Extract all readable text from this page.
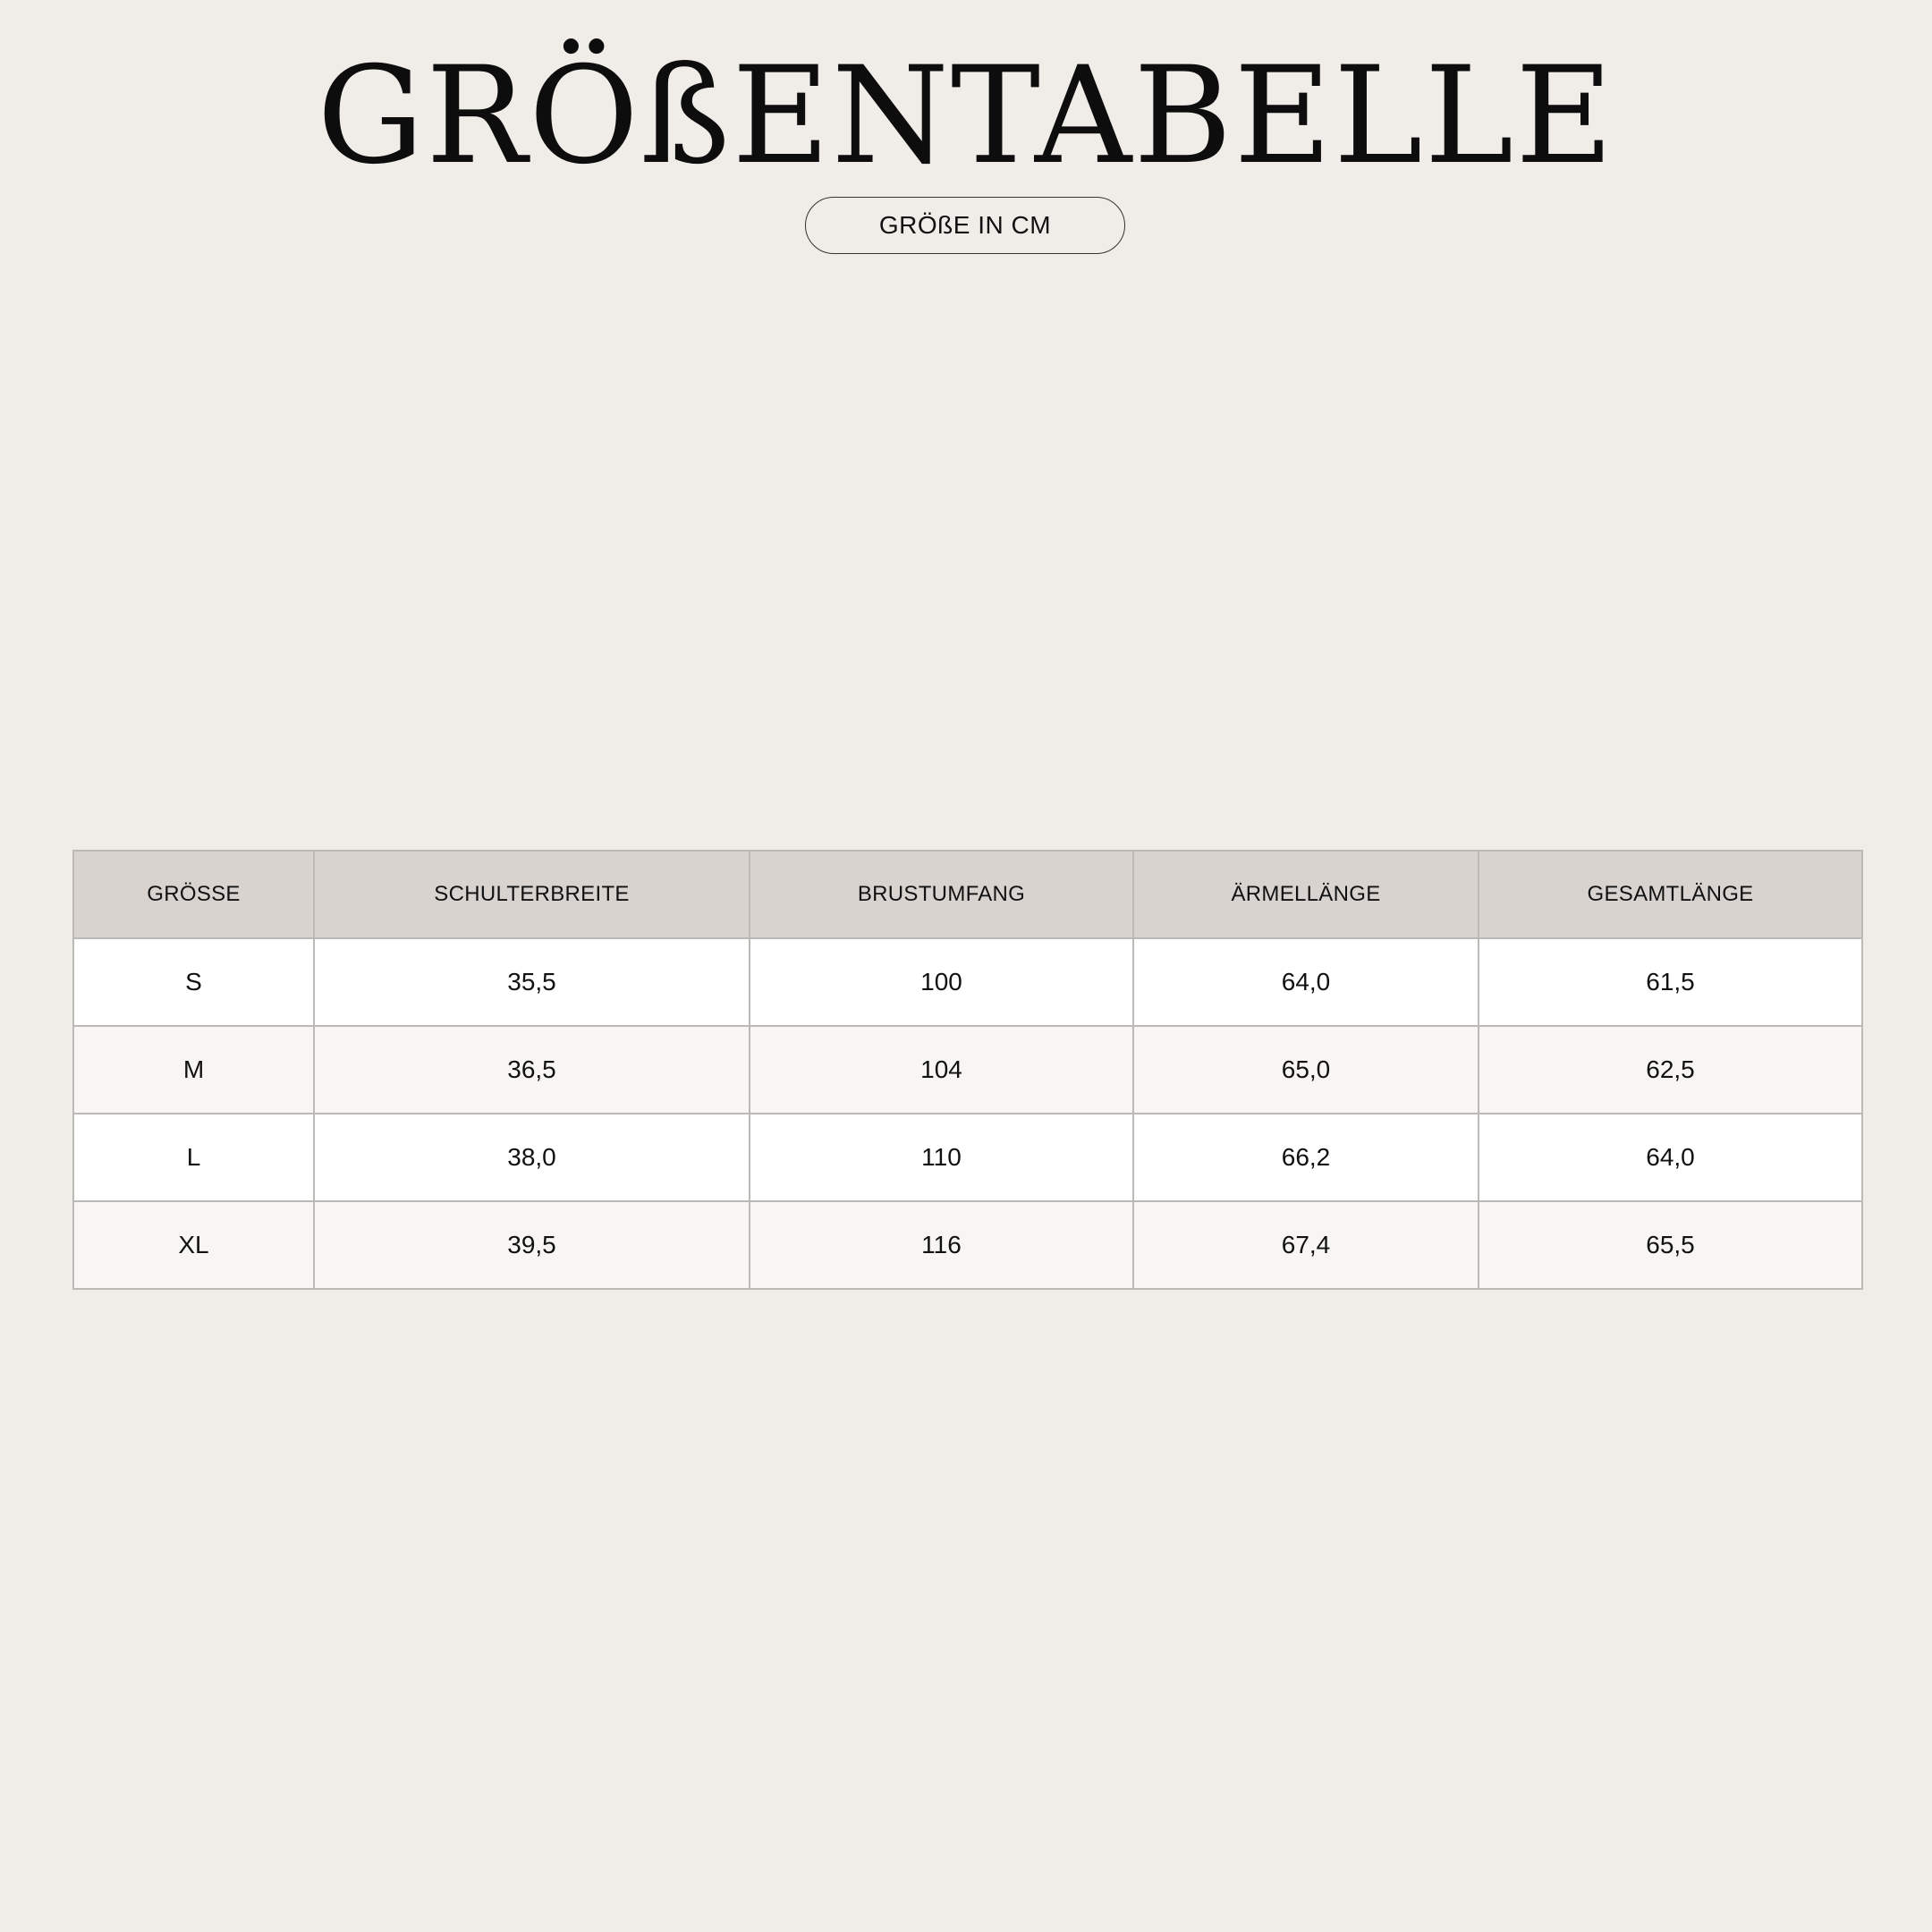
GRÖßENTABELLE
GRÖßE IN CM
GRÖSSE	SCHULTERBREITE	BRUSTUMFANG	ÄRMELLÄNGE	GESAMTLÄNGE
S	35,5	100	64,0	61,5
M	36,5	104	65,0	62,5
L	38,0	110	66,2	64,0
XL	39,5	116	67,4	65,5
